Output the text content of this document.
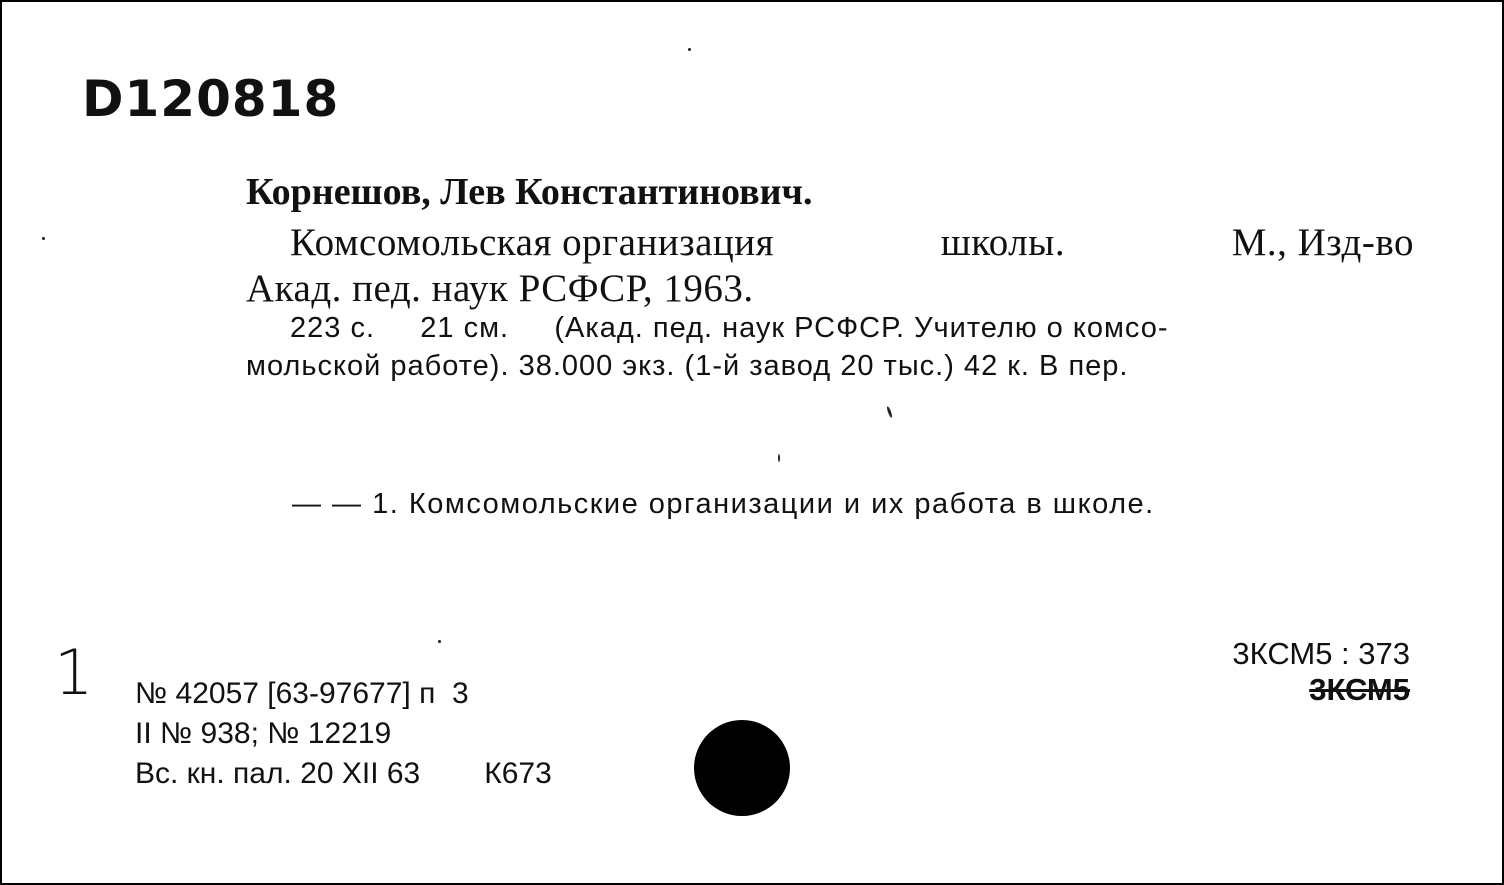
D120818
Корнешов, Лев Константинович.
Комсомольская организация	школы.	М., Изд-во
Акад. пед. наук РСФСР, 1963.
223 с.     21 см.     (Акад. пед. наук РСФСР. Учителю о комсо-
мольской работе). 38.000 экз. (1-й завод 20 тыс.) 42 к. В пер.
— — 1. Комсомольские организации и их работа в школе.
1 № 42057 [63-97677] п  3
II № 938; № 12219
Вс. кн. пал. 20 XII 63 К673
3КСМ5 : 373
3КСМ5
